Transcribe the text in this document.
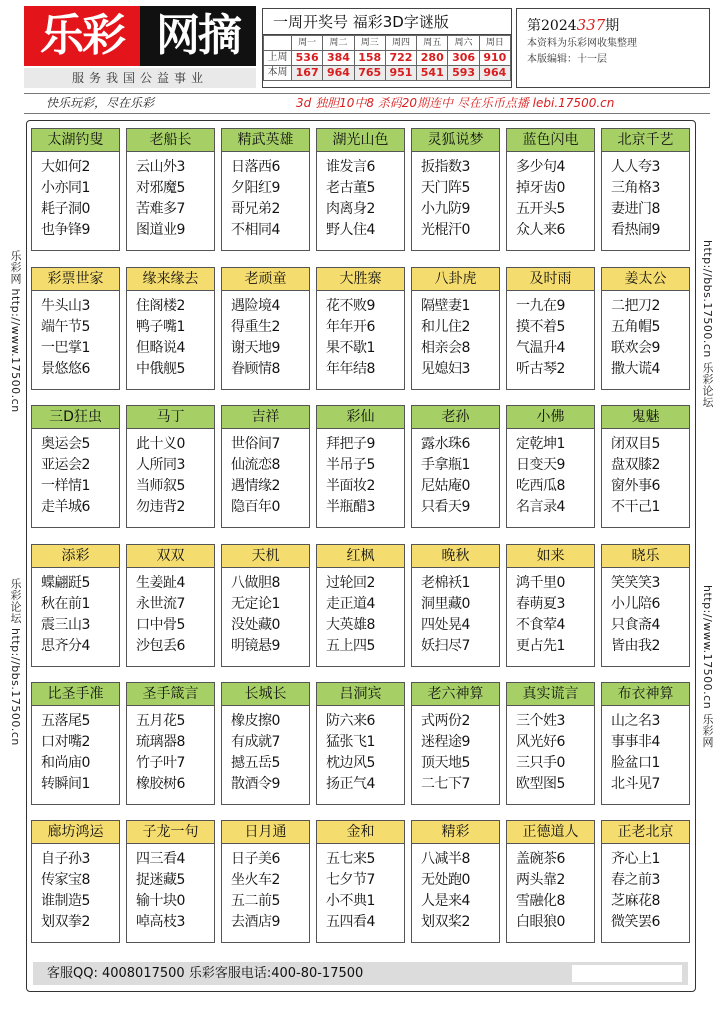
乐彩 网摘
服务我国公益事业
一周开奖号 福彩3D字谜版
	周一	周二	周三	周四	周五	周六	周日
上周	536	384	158	722	280	306	910
本周	167	964	765	951	541	593	964
第2024337期
本资料为乐彩网收集整理
本版编辑：十一层
快乐玩彩，尽在乐彩	3d 独胆10中8 杀码20期连中 尽在乐币点播 lebi.17500.cn
乐彩网 http://www.17500.cn
乐彩论坛 http://bbs.17500.cn
http://bbs.17500.cn 乐彩论坛
http://www.17500.cn 乐彩网
太湖钓叟
大如何2
小亦同1
耗子洞0
也争锋9
老船长
云山外3
对邪魔5
苦难多7
图道业9
精武英雄
日落西6
夕阳红9
哥兄弟2
不相同4
湖光山色
谁发言6
老古董5
肉离身2
野人住4
灵狐说梦
扳指数3
天门阵5
小九防9
光棍汗0
蓝色闪电
多少句4
掉牙齿0
五开头5
众人来6
北京千艺
人人夸3
三角格3
妻进门8
看热闹9
彩票世家
牛头山3
端午节5
一巴掌1
景悠悠6
缘来缘去
住阁楼2
鸭子嘴1
但略说4
中俄舰5
老顽童
遇险境4
得重生2
谢天地9
眷顾情8
大胜寨
花不败9
年年开6
果不歇1
年年结8
八卦虎
隔壁妻1
和儿住2
相亲会8
见媳妇3
及时雨
一九在9
摸不着5
气温升4
听古琴2
姜太公
二把刀2
五角帽5
联欢会9
撒大谎4
三D狂虫
奥运会5
亚运会2
一样情1
走羊城6
马丁
此十义0
人所同3
当师叙5
勿违背2
吉祥
世俗间7
仙流恋8
遇情缘2
隐百年0
彩仙
拜把子9
半吊子5
半面妆2
半瓶醋3
老孙
露水珠6
手拿瓶1
尼姑庵0
只看天9
小佛
定乾坤1
日变天9
吃西瓜8
名言录4
鬼魅
闭双目5
盘双膝2
窗外事6
不干己1
添彩
蝶翩跹5
秋在前1
震三山3
思齐分4
双双
生姜趾4
永世流7
口中骨5
沙包丢6
天机
八做胆8
无定论1
没处藏0
明镜悬9
红枫
过轮回2
走正道4
大英雄8
五上四5
晚秋
老棉袄1
洞里藏0
四处晃4
妖扫尽7
如来
鸿千里0
春萌夏3
不食荤4
更占先1
晓乐
笑笑笑3
小儿陪6
只食斋4
皆由我2
比圣手准
五落尾5
口对嘴2
和尚庙0
转瞬间1
圣手箴言
五月花5
琉璃器8
竹子叶7
橡胶树6
长城长
橡皮擦0
有成就7
撼五岳5
散酒令9
吕洞宾
防六来6
猛张飞1
枕边风5
扬正气4
老六神算
式两份2
迷程途9
顶天地5
二七下7
真实谎言
三个姓3
风光好6
三只手0
欧型图5
布衣神算
山之名3
事事非4
脸盆口1
北斗见7
廊坊鸿运
自子孙3
传家宝8
谁制造5
划双拳2
子龙一句
四三看4
捉迷藏5
输十块0
啅高枝3
日月通
日子美6
坐火车2
五二前5
去酒店9
金和
五七来5
七夕节7
小不典1
五四看4
精彩
八减半8
无处跑0
人是来4
划双桨2
正德道人
盖碗茶6
两头靠2
雪融化8
白眼狼0
正老北京
齐心上1
春之前3
芝麻花8
微笑罢6
客服QQ: 4008017500 乐彩客服电话:400-80-17500
